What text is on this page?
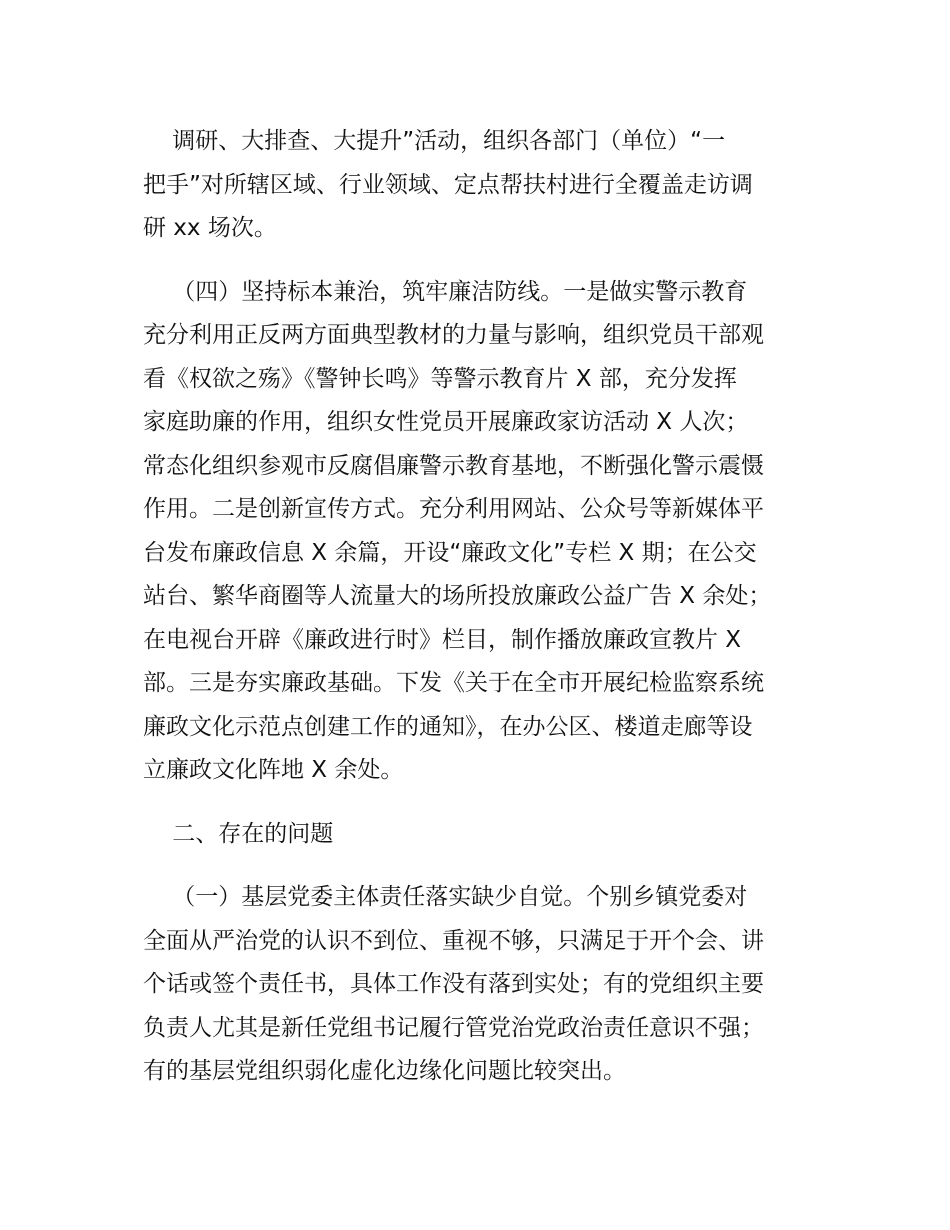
调研、大排查、大提升”活动，组织各部门（单位）“一
把手”对所辖区域、行业领域、定点帮扶村进行全覆盖走访调
研 xx 场次。
（四）坚持标本兼治，筑牢廉洁防线。一是做实警示教育
充分利用正反两方面典型教材的力量与影响，组织党员干部观
看《权欲之殇》《警钟长鸣》等警示教育片 X 部，充分发挥
家庭助廉的作用，组织女性党员开展廉政家访活动 X 人次；
常态化组织参观市反腐倡廉警示教育基地，不断强化警示震慑
作用。二是创新宣传方式。充分利用网站、公众号等新媒体平
台发布廉政信息 X 余篇，开设“廉政文化”专栏 X 期；在公交
站台、繁华商圈等人流量大的场所投放廉政公益广告 X 余处；
在电视台开辟《廉政进行时》栏目，制作播放廉政宣教片 X
部。三是夯实廉政基础。下发《关于在全市开展纪检监察系统
廉政文化示范点创建工作的通知》，在办公区、楼道走廊等设
立廉政文化阵地 X 余处。
二、存在的问题
（一）基层党委主体责任落实缺少自觉。个别乡镇党委对
全面从严治党的认识不到位、重视不够，只满足于开个会、讲
个话或签个责任书，具体工作没有落到实处；有的党组织主要
负责人尤其是新任党组书记履行管党治党政治责任意识不强；
有的基层党组织弱化虚化边缘化问题比较突出。
